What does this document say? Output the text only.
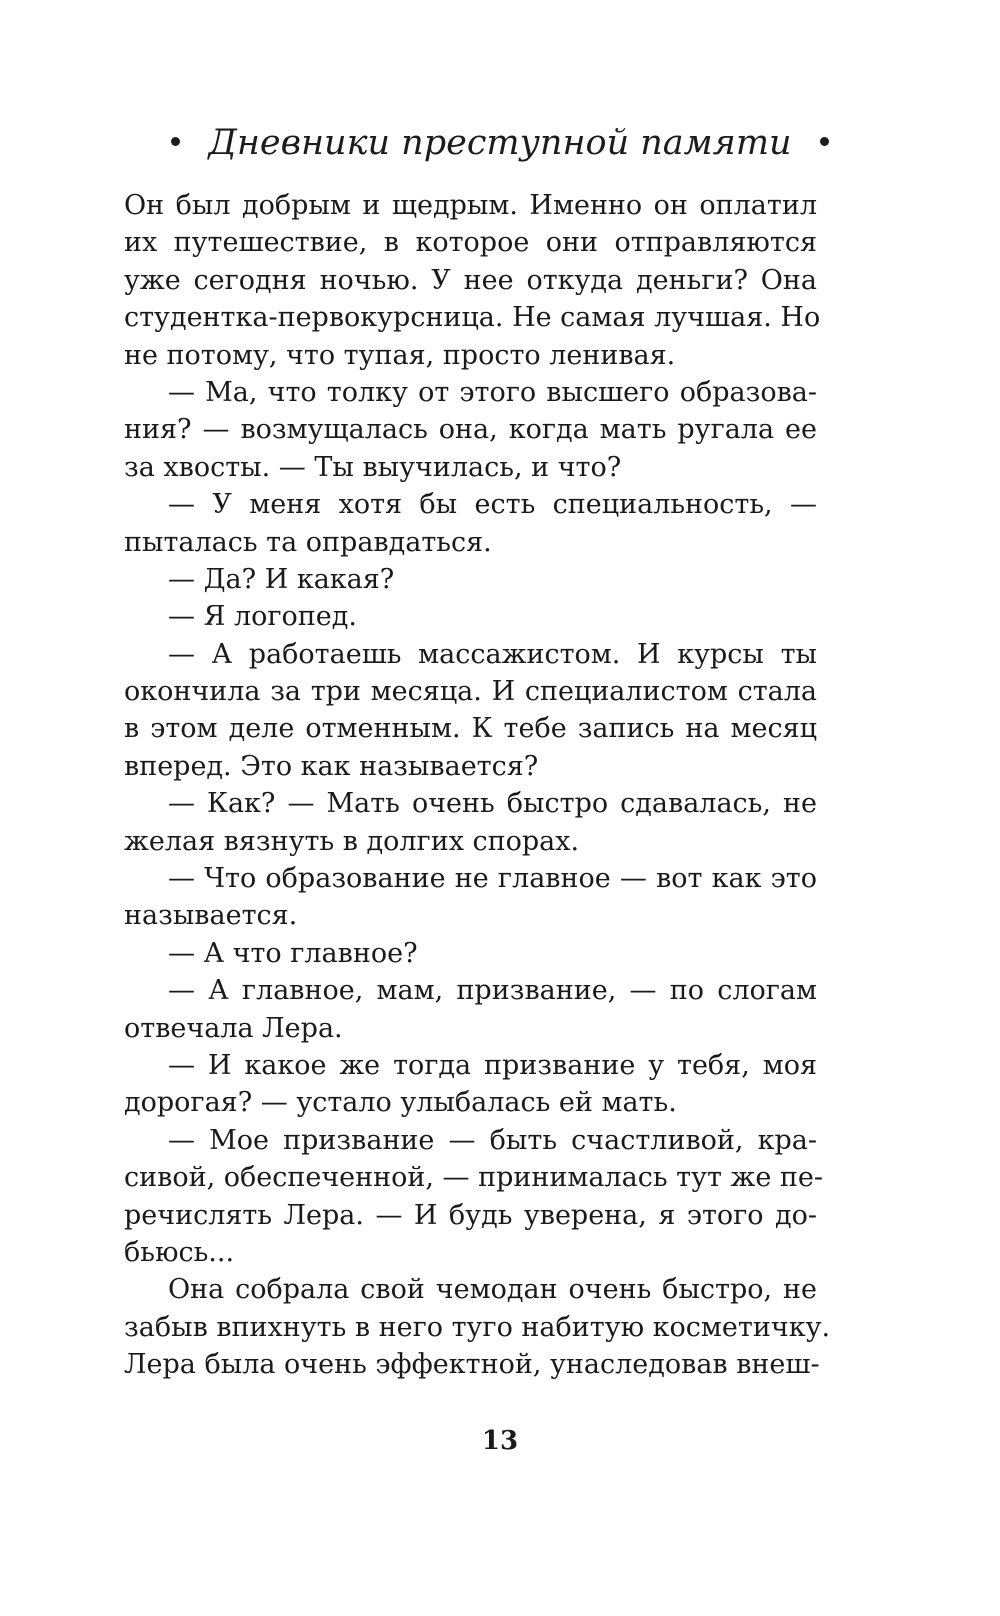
Дневники преступной памяти
Он был добрым и щедрым. Именно он оплатил
их путешествие, в которое они отправляются
уже сегодня ночью. У нее откуда деньги? Она
студентка-первокурсница. Не самая лучшая. Но
не потому, что тупая, просто ленивая.
— Ма, что толку от этого высшего образова-
ния? — возмущалась она, когда мать ругала ее
за хвосты. — Ты выучилась, и что?
— У меня хотя бы есть специальность, —
пыталась та оправдаться.
— Да? И какая?
— Я логопед.
— А работаешь массажистом. И курсы ты
окончила за три месяца. И специалистом стала
в этом деле отменным. К тебе запись на месяц
вперед. Это как называется?
— Как? — Мать очень быстро сдавалась, не
желая вязнуть в долгих спорах.
— Что образование не главное — вот как это
называется.
— А что главное?
— А главное, мам, призвание, — по слогам
отвечала Лера.
— И какое же тогда призвание у тебя, моя
дорогая? — устало улыбалась ей мать.
— Мое призвание — быть счастливой, кра-
сивой, обеспеченной, — принималась тут же пе-
речислять Лера. — И будь уверена, я этого до-
бьюсь...
Она собрала свой чемодан очень быстро, не
забыв впихнуть в него туго набитую косметичку.
Лера была очень эффектной, унаследовав внеш-
13
